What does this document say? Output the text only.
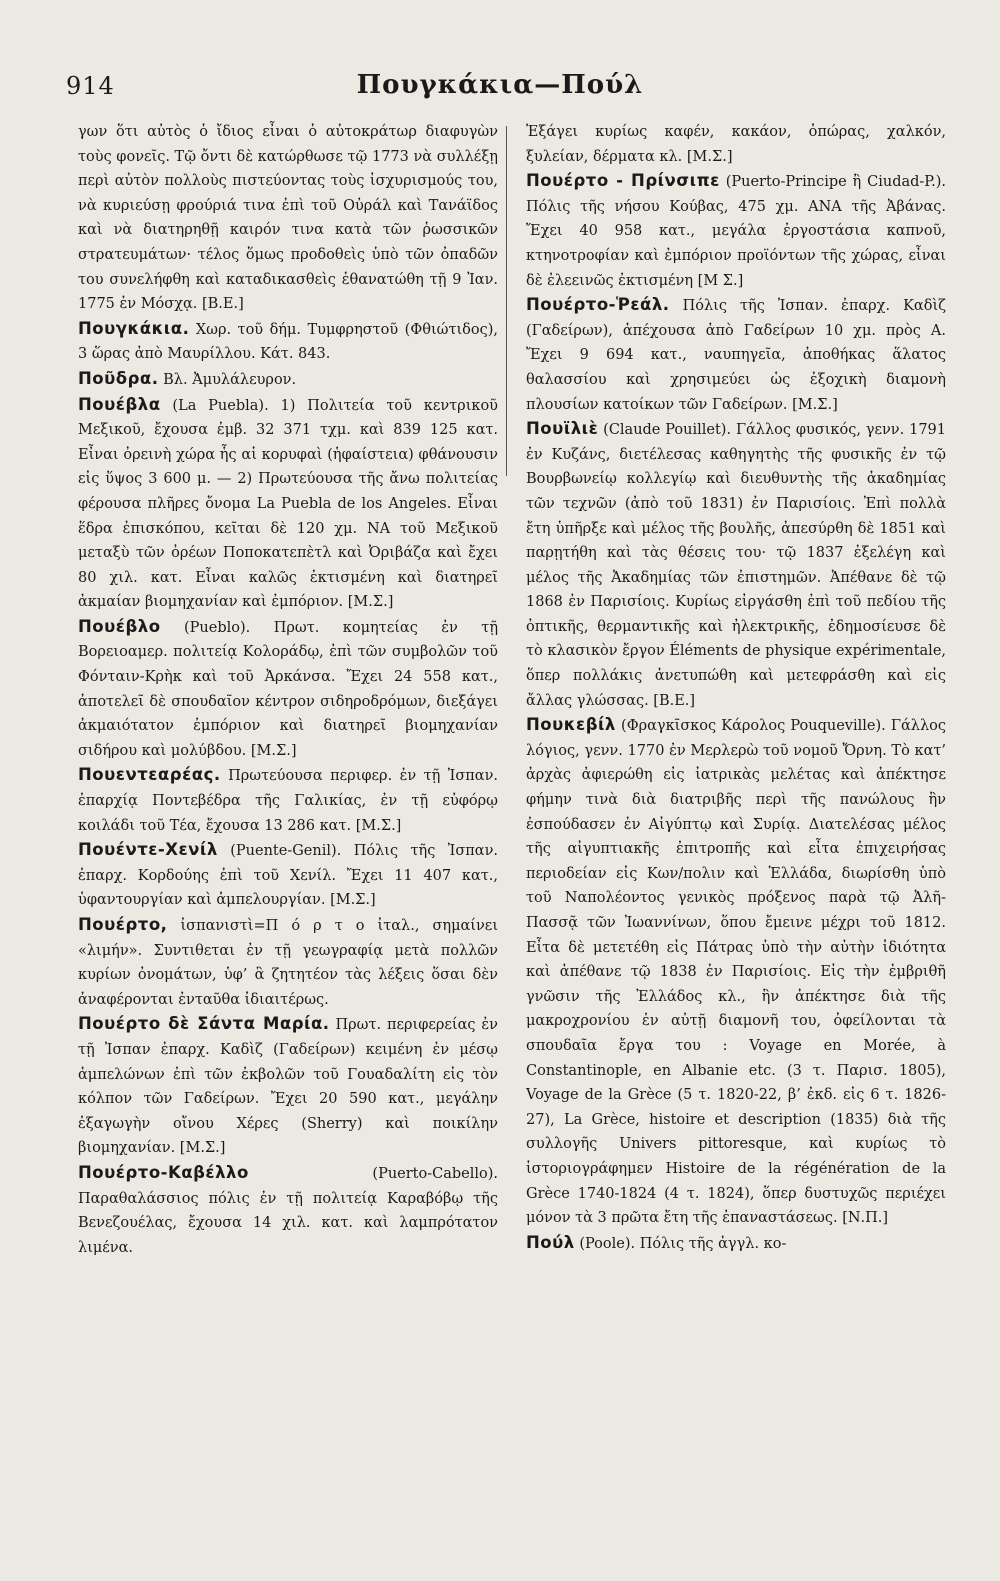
914	Πουγκάκια—Πούλ

γων ὅτι αὐτὸς ὁ ἴδιος εἶναι ὁ αὐτοκράτωρ διαφυγὼν τοὺς φονεῖς. Τῷ ὄντι δὲ κατώρθωσε τῷ 1773 νὰ συλλέξῃ περὶ αὐτὸν πολλοὺς πιστεύοντας τοὺς ἰσχυρισμούς του, νὰ κυριεύσῃ φρούριά τινα ἐπὶ τοῦ Οὐράλ καὶ Τανάϊδος καὶ νὰ διατηρηθῇ καιρόν τινα κατὰ τῶν ῥωσσικῶν στρατευμάτων· τέλος ὅμως προδοθεὶς ὑπὸ τῶν ὀπαδῶν του συνελήφθη καὶ καταδικασθεὶς ἐθανατώθη τῇ 9 Ἰαν. 1775 ἐν Μόσχᾳ. [Β.Ε.]

Πουγκάκια. Χωρ. τοῦ δήμ. Τυμφρηστοῦ (Φθιώτιδος), 3 ὥρας ἀπὸ Μαυρίλλου. Κάτ. 843.

Ποῦδρα. Βλ. Ἀμυλάλευρον.

Πουέβλα (La Puebla). 1) Πολιτεία τοῦ κεντρικοῦ Μεξικοῦ, ἔχουσα ἐμβ. 32 371 τχμ. καὶ 839 125 κατ. Εἶναι ὀρεινὴ χώρα ἧς αἱ κορυφαὶ (ἡφαίστεια) φθάνουσιν εἰς ὕψος 3 600 μ. — 2) Πρωτεύουσα τῆς ἄνω πολιτείας φέρουσα πλῆρες ὄνομα La Puebla de los Angeles. Εἶναι ἕδρα ἐπισκόπου, κεῖται δὲ 120 χμ. ΝΑ τοῦ Μεξικοῦ μεταξὺ τῶν ὀρέων Ποποκατεπὲτλ καὶ Ὀριβάζα καὶ ἔχει 80 χιλ. κατ. Εἶναι καλῶς ἐκτισμένη καὶ διατηρεῖ ἀκμαίαν βιομηχανίαν καὶ ἐμπόριον. [Μ.Σ.]

Πουέβλο (Pueblo). Πρωτ. κομητείας ἐν τῇ Βορειοαμερ. πολιτείᾳ Κολοράδῳ, ἐπὶ τῶν συμβολῶν τοῦ Φόνταιν-Κρὴκ καὶ τοῦ Ἀρκάνσα. Ἔχει 24 558 κατ., ἀποτελεῖ δὲ σπουδαῖον κέντρον σιδηροδρόμων, διεξάγει ἀκμαιότατον ἐμπόριον καὶ διατηρεῖ βιομηχανίαν σιδήρου καὶ μολύβδου. [Μ.Σ.]

Πουεντεαρέας. Πρωτεύουσα περιφερ. ἐν τῇ Ἰσπαν. ἐπαρχίᾳ Ποντεβέδρα τῆς Γαλικίας, ἐν τῇ εὐφόρῳ κοιλάδι τοῦ Τέα, ἔχουσα 13 286 κατ. [Μ.Σ.]

Πουέντε-Χενίλ (Puente-Genil). Πόλις τῆς Ἰσπαν. ἐπαρχ. Κορδούης ἐπὶ τοῦ Χενίλ. Ἔχει 11 407 κατ., ὑφαντουργίαν καὶ ἀμπελουργίαν. [Μ.Σ.]

Πουέρτο, ἰσπανιστὶ=Π ό ρ τ ο ἰταλ., σημαίνει «λιμήν». Συντιθεται ἐν τῇ γεωγραφίᾳ μετὰ πολλῶν κυρίων ὀνομάτων, ὑφ’ ἃ ζητητέον τὰς λέξεις ὅσαι δὲν ἀναφέρονται ἐνταῦθα ἰδιαιτέρως.

Πουέρτο δὲ Σάντα Μαρία. Πρωτ. περιφερείας ἐν τῇ Ἰσπαν ἐπαρχ. Καδὶζ (Γαδείρων) κειμένη ἐν μέσῳ ἀμπελώνων ἐπὶ τῶν ἐκβολῶν τοῦ Γουαδαλίτη εἰς τὸν κόλπον τῶν Γαδείρων. Ἔχει 20 590 κατ., μεγάλην ἐξαγωγὴν οἴνου Χέρες (Sherry) καὶ ποικίλην βιομηχανίαν. [Μ.Σ.]

Πουέρτο-Καβέλλο	(Puerto-Cabello). Παραθαλάσσιος πόλις ἐν τῇ πολιτείᾳ Καραβόβῳ τῆς Βενεζουέλας, ἔχουσα 14 χιλ. κατ. καὶ λαμπρότατον λιμένα.

Ἐξάγει κυρίως καφέν, κακάον, ὀπώρας, χαλκόν, ξυλείαν, δέρματα κλ. [Μ.Σ.]

Πουέρτο - Πρίνσιπε (Puerto-Principe ἢ Ciudad-P.). Πόλις τῆς νήσου Κούβας, 475 χμ. ΑΝΑ τῆς Ἀβάνας. Ἔχει 40 958 κατ., μεγάλα ἐργοστάσια καπνοῦ, κτηνοτροφίαν καὶ ἐμπόριον προϊόντων τῆς χώρας, εἶναι δὲ ἐλεεινῶς ἐκτισμένη [Μ Σ.]

Πουέρτο-Ῥεάλ. Πόλις τῆς Ἰσπαν. ἐπαρχ. Καδὶζ (Γαδείρων), ἀπέχουσα ἀπὸ Γαδείρων 10 χμ. πρὸς Α. Ἔχει 9 694 κατ., ναυπηγεῖα, ἀποθήκας ἅλατος θαλασσίου καὶ χρησιμεύει ὡς ἐξοχικὴ διαμονὴ πλουσίων κατοίκων τῶν Γαδείρων. [Μ.Σ.]

Πουϊλιὲ (Claude Pouillet). Γάλλος φυσικός, γενν. 1791 ἐν Κυζάνς, διετέλεσας καθηγητὴς τῆς φυσικῆς ἐν τῷ Βουρβωνείῳ κολλεγίῳ καὶ διευθυντὴς τῆς ἀκαδημίας τῶν τεχνῶν (ἀπὸ τοῦ 1831) ἐν Παρισίοις. Ἐπὶ πολλὰ ἔτη ὑπῆρξε καὶ μέλος τῆς βουλῆς, ἀπεσύρθη δὲ 1851 καὶ παρῃτήθη καὶ τὰς θέσεις του· τῷ 1837 ἐξελέγη καὶ μέλος τῆς Ἀκαδημίας τῶν ἐπιστημῶν. Ἀπέθανε δὲ τῷ 1868 ἐν Παρισίοις. Κυρίως εἰργάσθη ἐπὶ τοῦ πεδίου τῆς ὀπτικῆς, θερμαντικῆς καὶ ἠλεκτρικῆς, ἐδημοσίευσε δὲ τὸ κλασικὸν ἔργον Éléments de physique expérimentale, ὅπερ πολλάκις ἀνετυπώθη καὶ μετεφράσθη καὶ εἰς ἄλλας γλώσσας. [Β.Ε.]

Πουκεβίλ (Φραγκῖσκος Κάρολος Pouqueville). Γάλλος λόγιος, γενν. 1770 ἐν Μερλερὼ τοῦ νομοῦ Ὄρνη. Τὸ κατ’ ἀρχὰς ἀφιερώθη εἰς ἰατρικὰς μελέτας καὶ ἀπέκτησε φήμην τινὰ διὰ διατριβῆς περὶ τῆς πανώλους ἣν ἐσπούδασεν ἐν Αἰγύπτῳ καὶ Συρίᾳ. Διατελέσας μέλος τῆς αἰγυπτιακῆς ἐπιτροπῆς καὶ εἶτα ἐπιχειρήσας περιοδείαν εἰς Κων/πολιν καὶ Ἑλλάδα, διωρίσθη ὑπὸ τοῦ Ναπολέοντος γενικὸς πρόξενος παρὰ τῷ Ἀλῆ-Πασσᾷ τῶν Ἰωαννίνων, ὅπου ἔμεινε μέχρι τοῦ 1812. Εἶτα δὲ μετετέθη εἰς Πάτρας ὑπὸ τὴν αὐτὴν ἰδιότητα καὶ ἀπέθανε τῷ 1838 ἐν Παρισίοις. Εἰς τὴν ἐμβριθῆ γνῶσιν τῆς Ἑλλάδος κλ., ἣν ἀπέκτησε διὰ τῆς μακροχρονίου ἐν αὐτῇ διαμονῆ του, ὀφείλονται τὰ σπουδαῖα ἔργα του : Voyage en Morée, à Constantinople, en Albanie etc. (3 τ. Παρισ. 1805), Voyage de la Grèce (5 τ. 1820-22, β’ ἐκδ. εἰς 6 τ. 1826-27), La Grèce, histoire et description (1835) διὰ τῆς συλλογῆς Univers pittoresque, καὶ κυρίως τὸ ἱστοριογράφημεν Histoire de la régénération de la Grèce 1740-1824 (4 τ. 1824), ὅπερ δυστυχῶς περιέχει μόνον τὰ 3 πρῶτα ἔτη τῆς ἐπαναστάσεως. [Ν.Π.]

Πούλ (Poole). Πόλις τῆς ἀγγλ. κο-
